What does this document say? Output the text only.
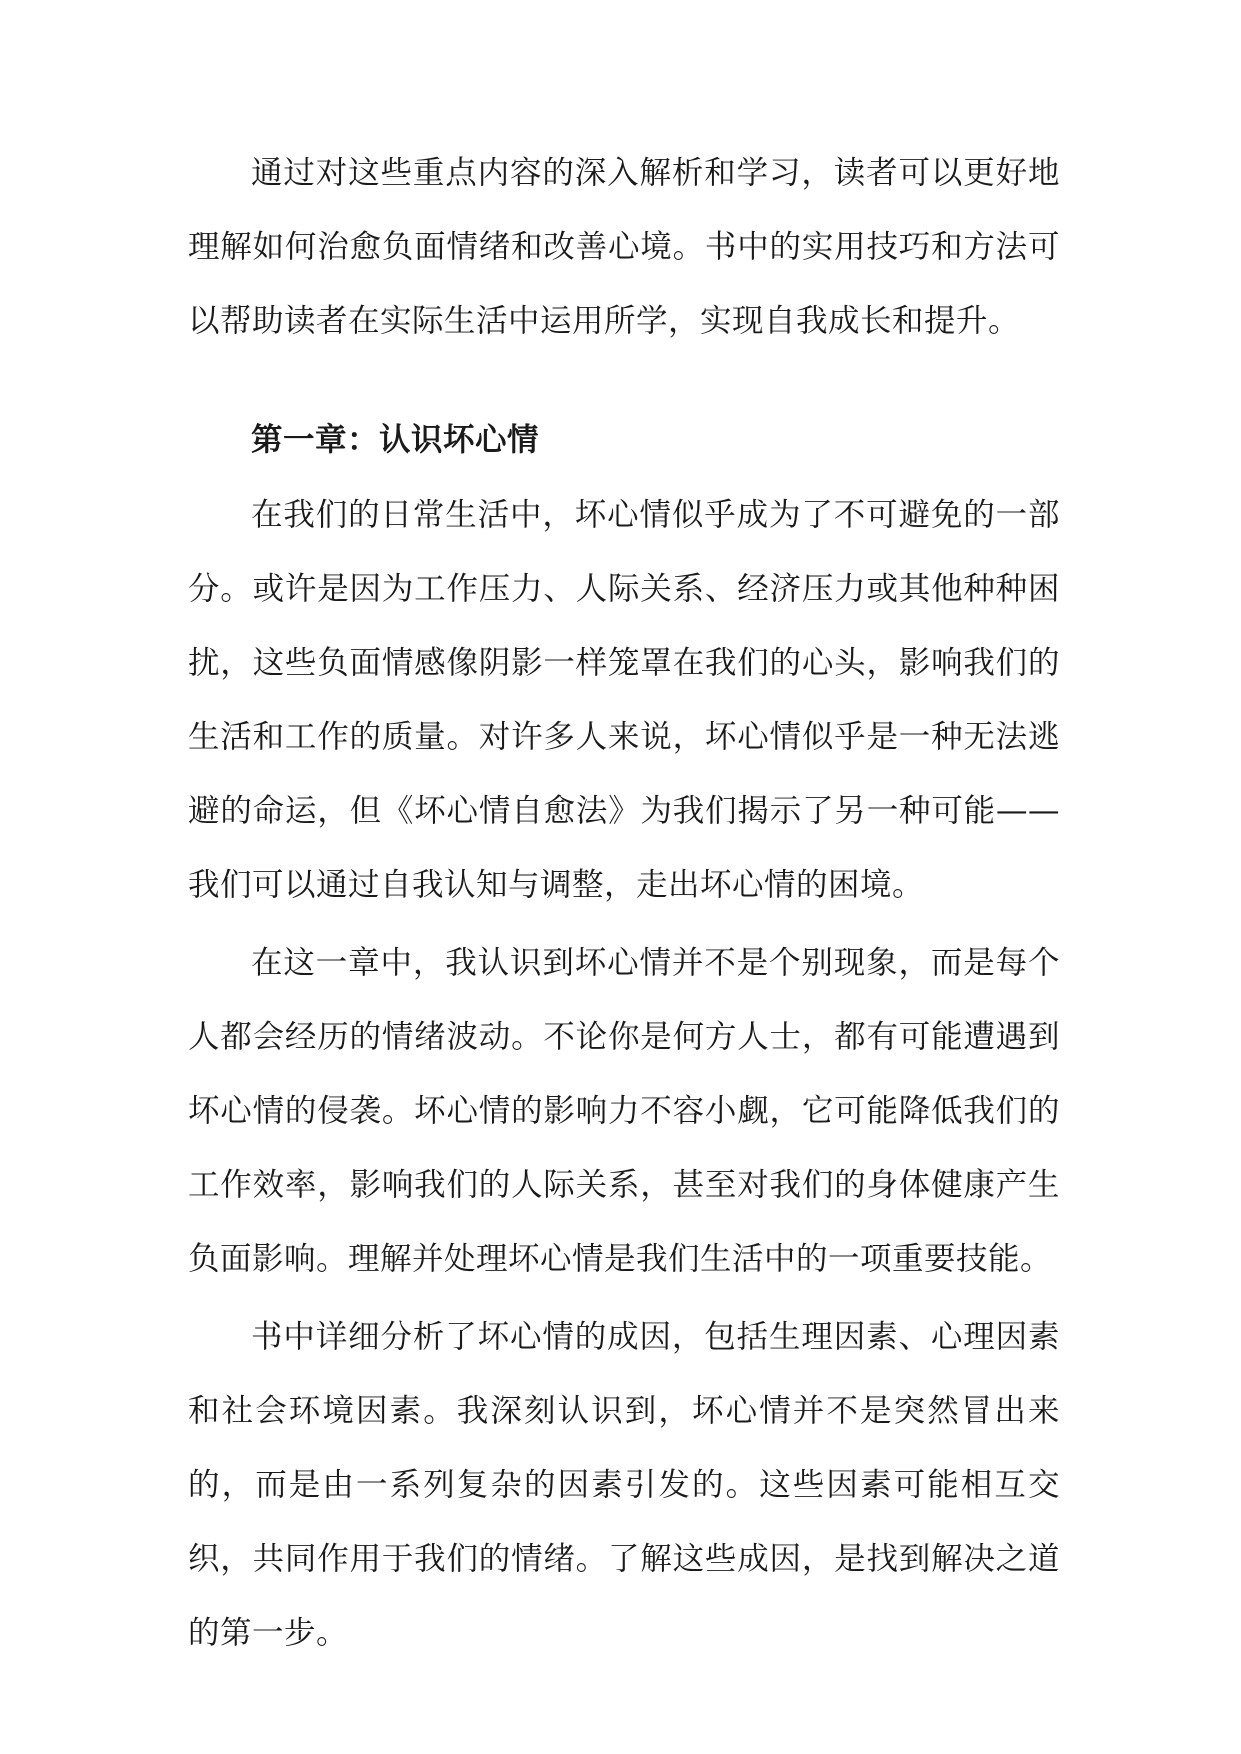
通过对这些重点内容的深入解析和学习，读者可以更好地理解如何治愈负面情绪和改善心境。书中的实用技巧和方法可以帮助读者在实际生活中运用所学，实现自我成长和提升。

第一章：认识坏心情

在我们的日常生活中，坏心情似乎成为了不可避免的一部分。或许是因为工作压力、人际关系、经济压力或其他种种困扰，这些负面情感像阴影一样笼罩在我们的心头，影响我们的生活和工作的质量。对许多人来说，坏心情似乎是一种无法逃避的命运，但《坏心情自愈法》为我们揭示了另一种可能——我们可以通过自我认知与调整，走出坏心情的困境。

在这一章中，我认识到坏心情并不是个别现象，而是每个人都会经历的情绪波动。不论你是何方人士，都有可能遭遇到坏心情的侵袭。坏心情的影响力不容小觑，它可能降低我们的工作效率，影响我们的人际关系，甚至对我们的身体健康产生负面影响。理解并处理坏心情是我们生活中的一项重要技能。

书中详细分析了坏心情的成因，包括生理因素、心理因素和社会环境因素。我深刻认识到，坏心情并不是突然冒出来的，而是由一系列复杂的因素引发的。这些因素可能相互交织，共同作用于我们的情绪。了解这些成因，是找到解决之道的第一步。
